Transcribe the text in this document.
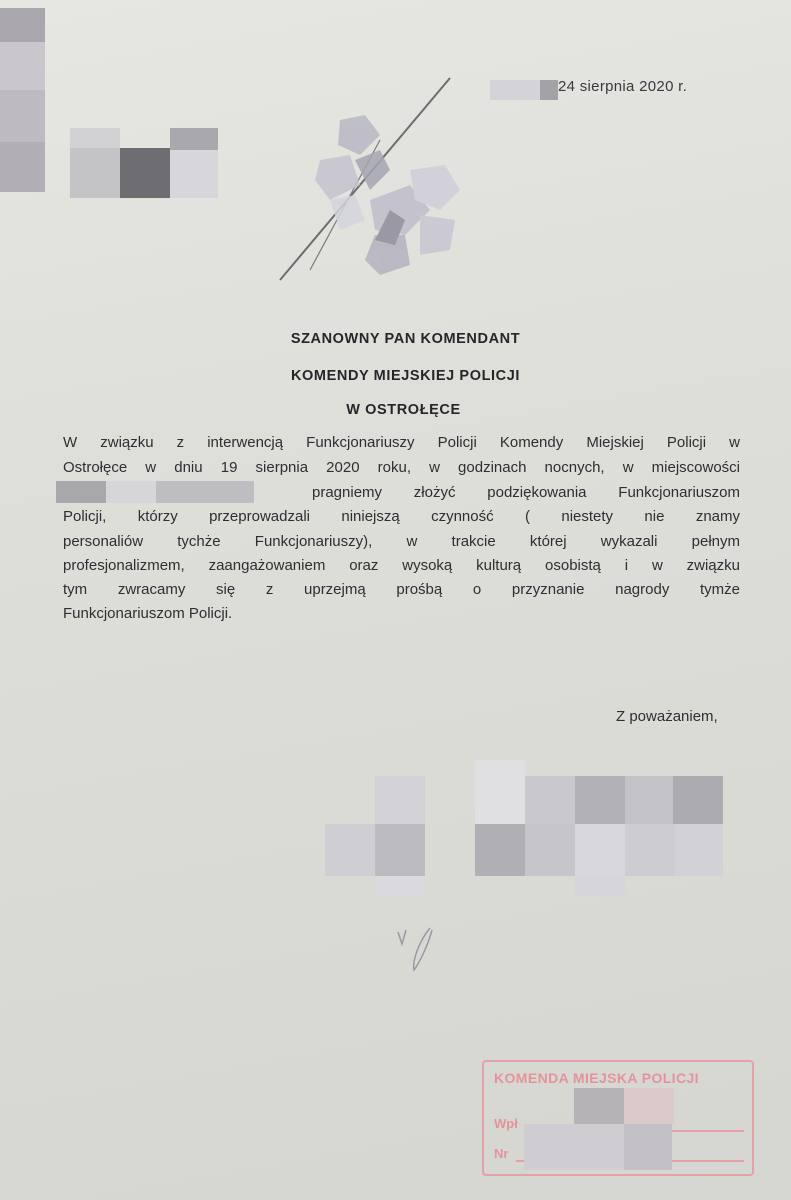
24 sierpnia 2020 r.
SZANOWNY PAN KOMENDANT
KOMENDY MIEJSKIEJ POLICJI
W OSTROŁĘCE
W związku z interwencją Funkcjonariuszy Policji Komendy Miejskiej Policji w
Ostrołęce w dniu 19 sierpnia 2020 roku, w godzinach nocnych, w miejscowości
pragniemy złożyć podziękowania Funkcjonariuszom
Policji, którzy przeprowadzali niniejszą czynność ( niestety nie znamy
personaliów tychże Funkcjonariuszy), w trakcie której wykazali pełnym
profesjonalizmem, zaangażowaniem oraz wysoką kulturą osobistą i w związku
tym zwracamy się z uprzejmą prośbą o przyznanie nagrody tymże
Funkcjonariuszom Policji.
Z poważaniem,
KOMENDA MIEJSKA POLICJI
Wpł
Nr
